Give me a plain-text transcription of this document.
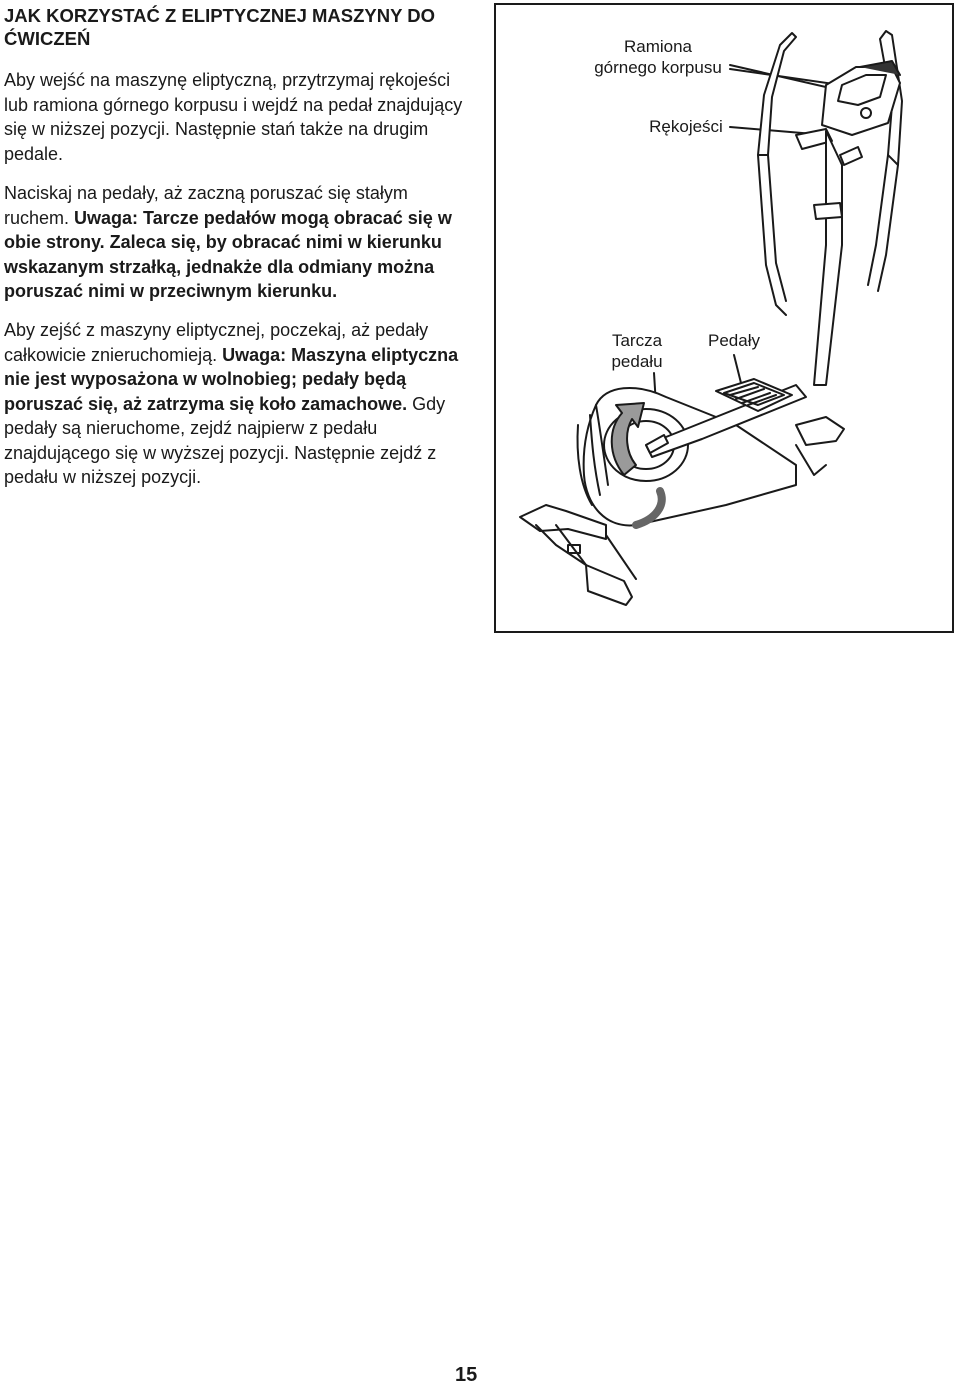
JAK KORZYSTAĆ Z ELIPTYCZNEJ MASZYNY DO
ĆWICZEŃ

Aby wejść na maszynę eliptyczną, przytrzymaj rękojeści lub ramiona górnego korpusu i wejdź na pedał znajdujący się w niższej pozycji. Następnie stań także na drugim pedale.

Naciskaj na pedały, aż zaczną poruszać się stałym ruchem. Uwaga: Tarcze pedałów mogą obracać się w obie strony. Zaleca się, by obracać nimi w kierunku wskazanym strzałką, jednakże dla odmiany można poruszać nimi w przeciwnym kierunku.

Aby zejść z maszyny eliptycznej, poczekaj, aż pedały całkowicie znieruchomieją. Uwaga: Maszyna eliptyczna nie jest wyposażona w wolnobieg; pedały będą poruszać się, aż zatrzyma się koło zamachowe. Gdy pedały są nieruchome, zejdź najpierw z pedału znajdującego się w wyższej pozycji. Następnie zejdź z pedału w niższej pozycji.

Ramiona
górnego korpusu
Rękojeści
Tarcza
pedału
Pedały
15
